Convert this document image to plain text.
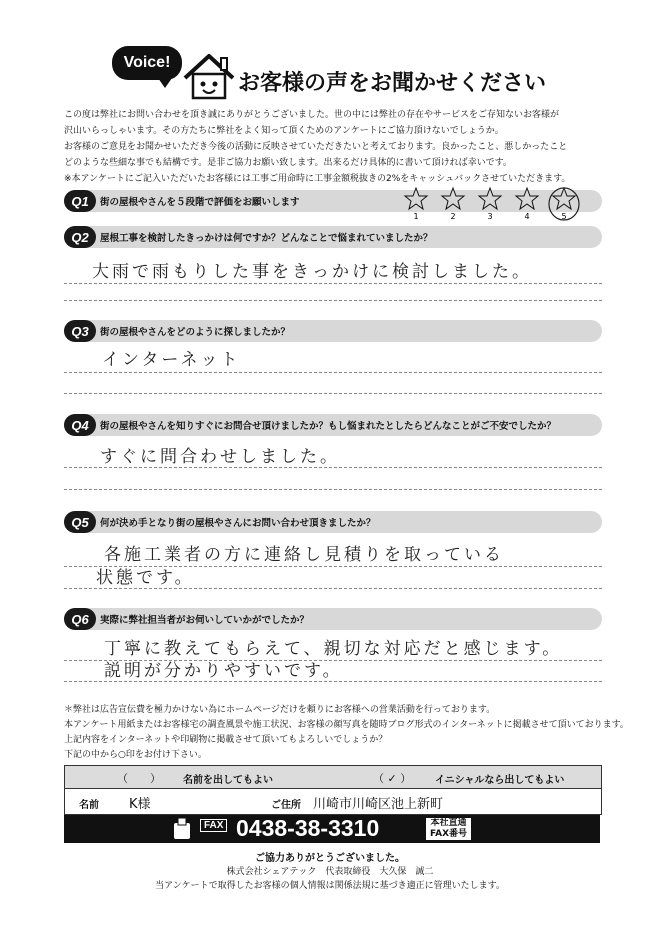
Voice!
お客様の声をお聞かせください
この度は弊社にお問い合わせを頂き誠にありがとうございました。世の中には弊社の存在やサービスをご存知ないお客様が
沢山いらっしゃいます。その方たちに弊社をよく知って頂くためのアンケートにご協力頂けないでしょうか。
お客様のご意見をお聞かせいただき今後の活動に反映させていただきたいと考えております。良かったこと、悪しかったこと
どのような些細な事でも結構です。是非ご協力お願い致します。出来るだけ具体的に書いて頂ければ幸いです。
※本アンケートにご記入いただいたお客様には工事ご用命時に工事金額税抜きの2%をキャッシュバックさせていただきます。
Q1	街の屋根やさんを５段階で評価をお願いします
1	2	3	4	5
Q2	屋根工事を検討したきっかけは何ですか？どんなことで悩まれていましたか？
大雨で雨もりした事をきっかけに検討しました。
Q3	街の屋根やさんをどのように探しましたか？
インターネット
Q4	街の屋根やさんを知りすぐにお問合せ頂けましたか？もし悩まれたとしたらどんなことがご不安でしたか？
すぐに問合わせしました。
Q5	何が決め手となり街の屋根やさんにお問い合わせ頂きましたか？
各施工業者の方に連絡し見積りを取っている
状態です。
Q6	実際に弊社担当者がお伺いしていかがでしたか？
丁寧に教えてもらえて、親切な対応だと感じます。
説明が分かりやすいです。
＊弊社は広告宣伝費を極力かけない為にホームページだけを頼りにお客様への営業活動を行っております。
本アンケート用紙またはお客様宅の調査風景や施工状況、お客様の顔写真を随時ブログ形式のインターネットに掲載させて頂いております。
上記内容をインターネットや印刷物に掲載させて頂いてもよろしいでしょうか？
下記の中から○印をお付け下さい。
（　　） 名前を出してもよい	（ ✓ ） イニシャルなら出してもよい
名前 K様	ご住所 川崎市川崎区池上新町
FAX 0438-38-3310	本社直通
FAX番号
ご協力ありがとうございました。
株式会社シェアテック　代表取締役　大久保　誠二
当アンケートで取得したお客様の個人情報は関係法規に基づき適正に管理いたします。
